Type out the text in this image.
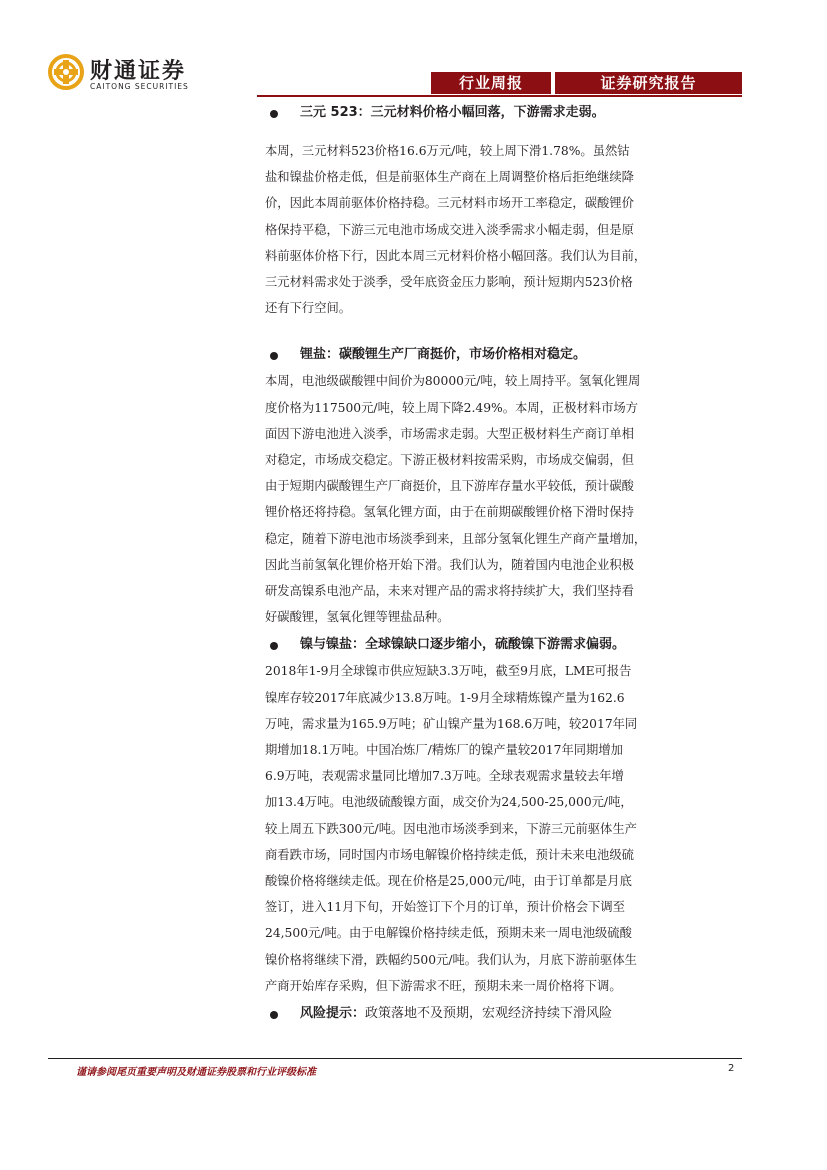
财通证券
CAITONG SECURITIES	行业周报	证券研究报告
三元 523：三元材料价格小幅回落，下游需求走弱。
本周，三元材料523价格16.6万元/吨，较上周下滑1.78%。虽然钴
盐和镍盐价格走低，但是前驱体生产商在上周调整价格后拒绝继续降
价，因此本周前驱体价格持稳。三元材料市场开工率稳定，碳酸锂价
格保持平稳，下游三元电池市场成交进入淡季需求小幅走弱，但是原
料前驱体价格下行，因此本周三元材料价格小幅回落。我们认为目前，
三元材料需求处于淡季，受年底资金压力影响，预计短期内523价格
还有下行空间。
锂盐：碳酸锂生产厂商挺价，市场价格相对稳定。
本周，电池级碳酸锂中间价为80000元/吨，较上周持平。氢氧化锂周
度价格为117500元/吨，较上周下降2.49%。本周，正极材料市场方
面因下游电池进入淡季，市场需求走弱。大型正极材料生产商订单相
对稳定，市场成交稳定。下游正极材料按需采购，市场成交偏弱，但
由于短期内碳酸锂生产厂商挺价，且下游库存量水平较低，预计碳酸
锂价格还将持稳。氢氧化锂方面，由于在前期碳酸锂价格下滑时保持
稳定，随着下游电池市场淡季到来，且部分氢氧化锂生产商产量增加，
因此当前氢氧化锂价格开始下滑。我们认为，随着国内电池企业积极
研发高镍系电池产品，未来对锂产品的需求将持续扩大，我们坚持看
好碳酸锂，氢氧化锂等锂盐品种。
镍与镍盐：全球镍缺口逐步缩小，硫酸镍下游需求偏弱。
2018年1-9月全球镍市供应短缺3.3万吨，截至9月底，LME可报告
镍库存较2017年底减少13.8万吨。1-9月全球精炼镍产量为162.6
万吨，需求量为165.9万吨；矿山镍产量为168.6万吨，较2017年同
期增加18.1万吨。中国冶炼厂/精炼厂的镍产量较2017年同期增加
6.9万吨，表观需求量同比增加7.3万吨。全球表观需求量较去年增
加13.4万吨。电池级硫酸镍方面，成交价为24,500-25,000元/吨，
较上周五下跌300元/吨。因电池市场淡季到来，下游三元前驱体生产
商看跌市场，同时国内市场电解镍价格持续走低，预计未来电池级硫
酸镍价格将继续走低。现在价格是25,000元/吨，由于订单都是月底
签订，进入11月下旬，开始签订下个月的订单，预计价格会下调至
24,500元/吨。由于电解镍价格持续走低，预期未来一周电池级硫酸
镍价格将继续下滑，跌幅约500元/吨。我们认为，月底下游前驱体生
产商开始库存采购，但下游需求不旺，预期未来一周价格将下调。
风险提示：政策落地不及预期，宏观经济持续下滑风险
谨请参阅尾页重要声明及财通证券股票和行业评级标准	2
